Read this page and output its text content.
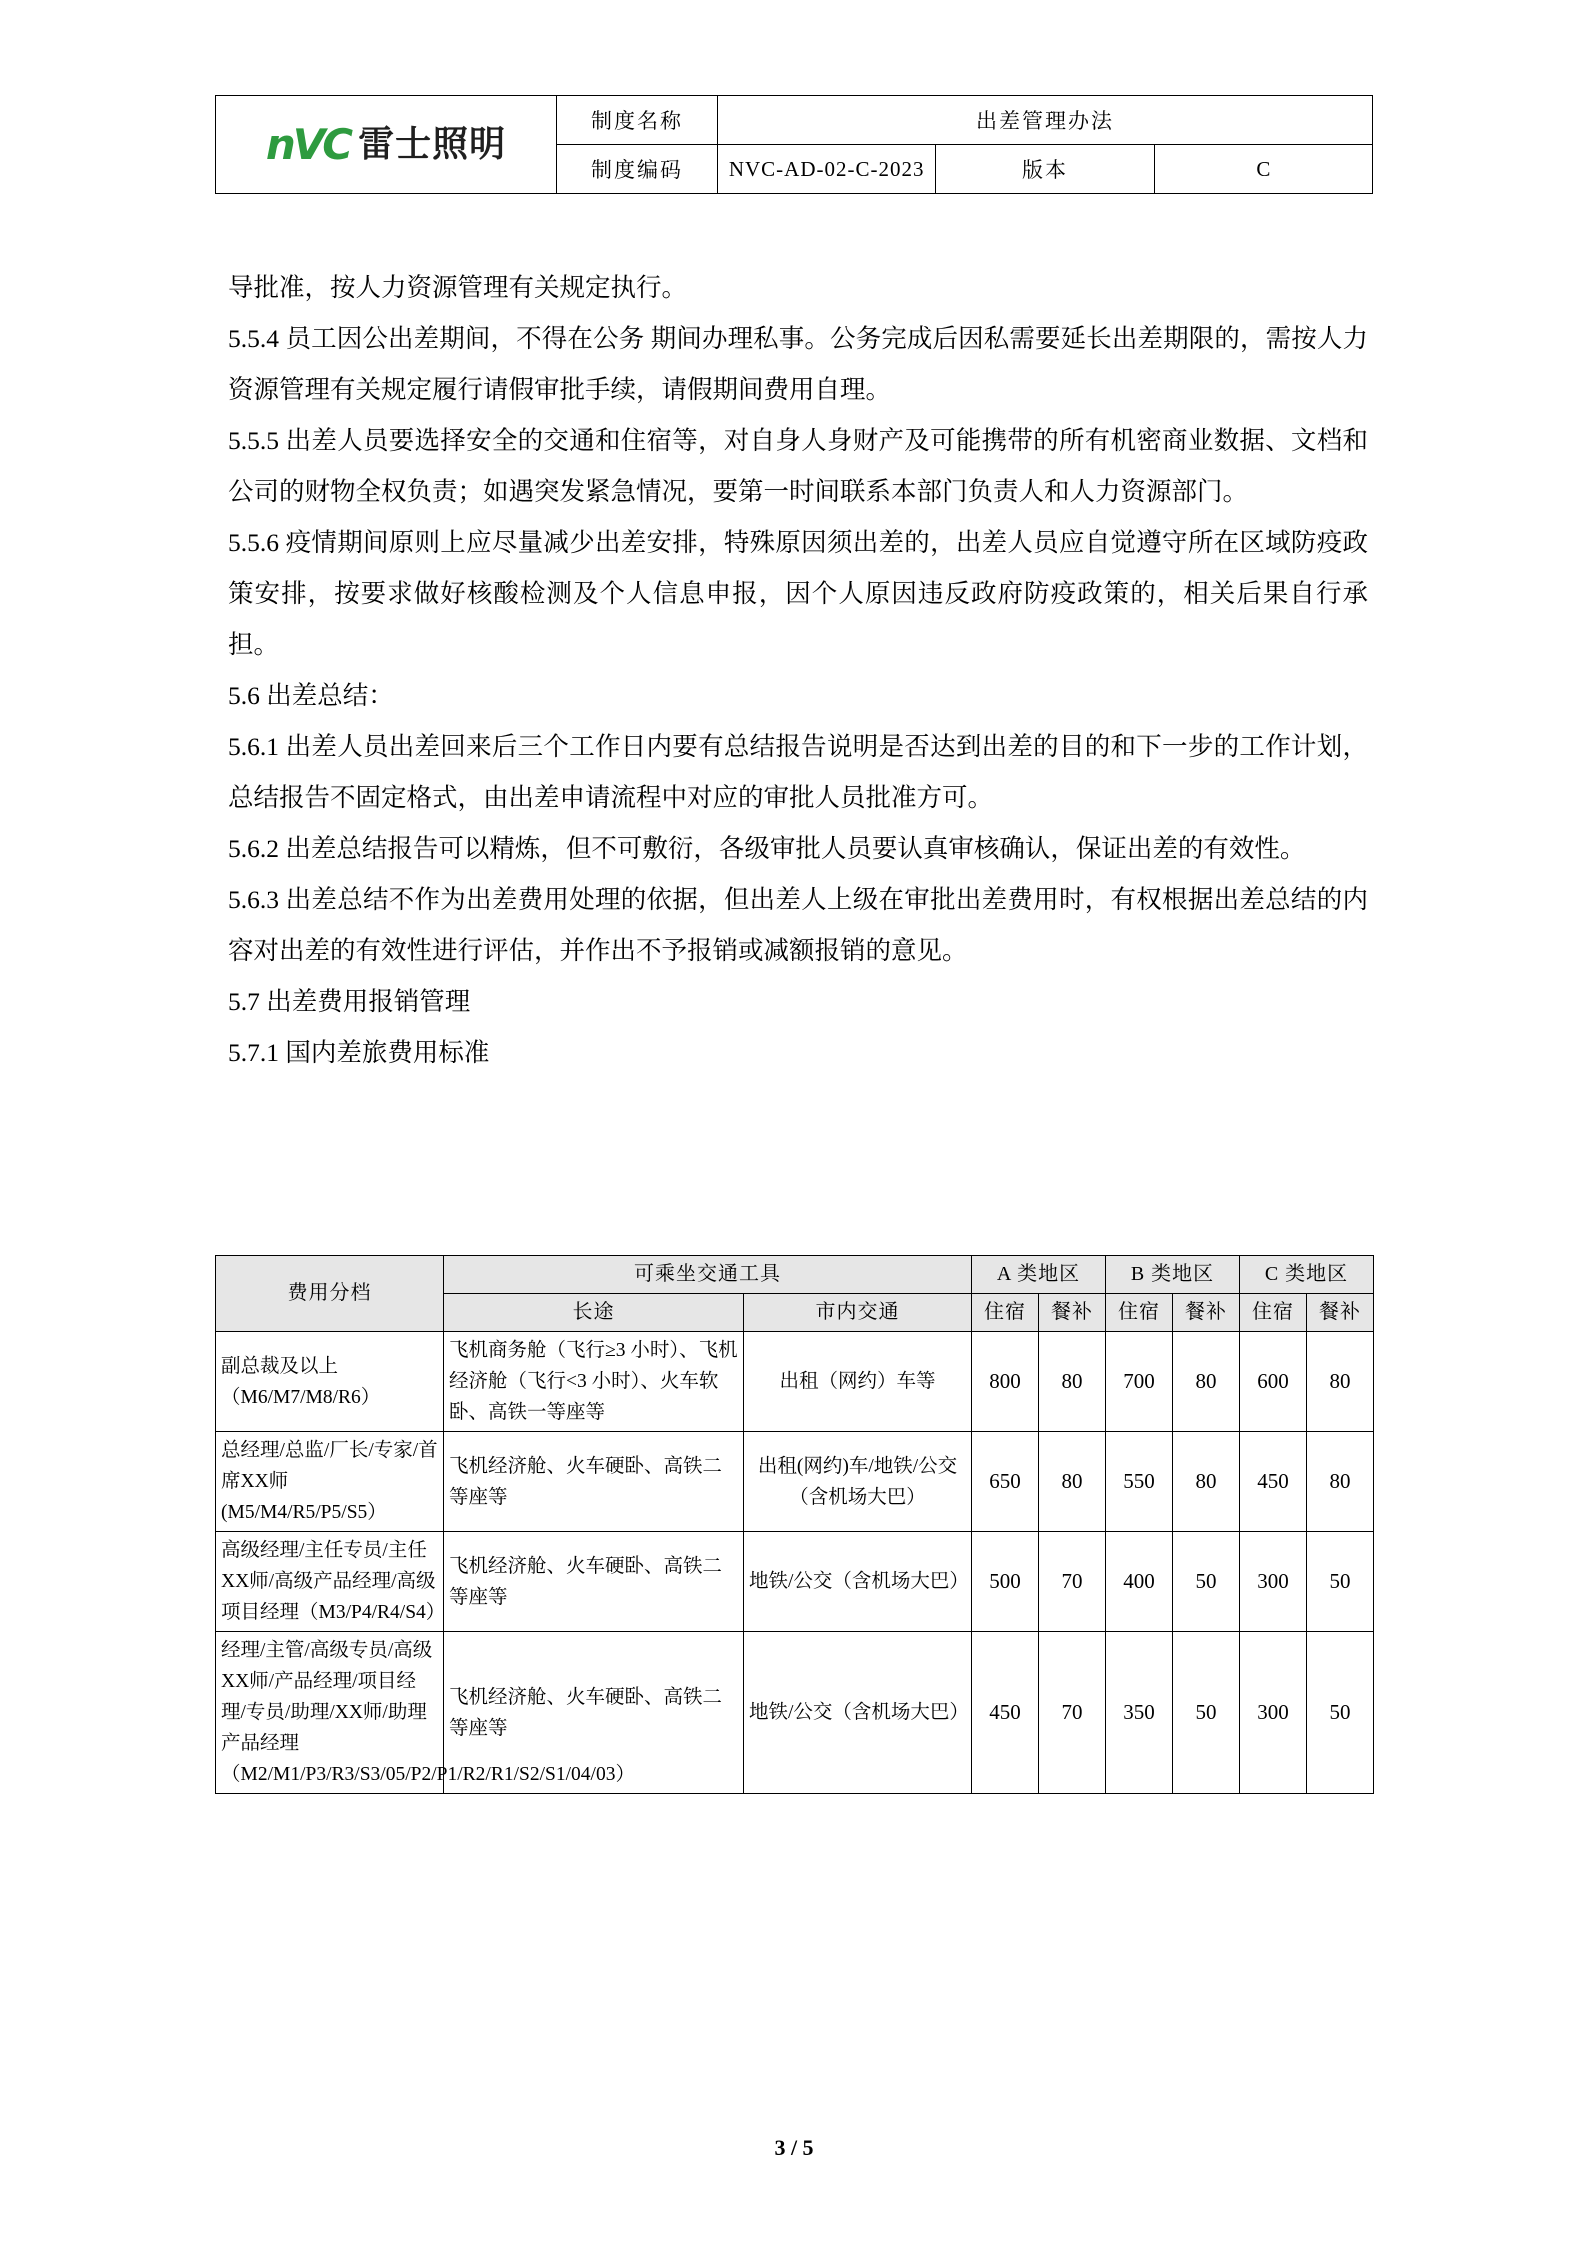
nVC 雷士照明	制度名称	出差管理办法		
	制度编码	NVC-AD-02-C-2023	版本	C

导批准，按人力资源管理有关规定执行。

5.5.4 员工因公出差期间，不得在公务 期间办理私事。公务完成后因私需要延长出差期限的，需按人力资源管理有关规定履行请假审批手续，请假期间费用自理。

5.5.5 出差人员要选择安全的交通和住宿等，对自身人身财产及可能携带的所有机密商业数据、文档和公司的财物全权负责；如遇突发紧急情况，要第一时间联系本部门负责人和人力资源部门。

5.5.6 疫情期间原则上应尽量减少出差安排，特殊原因须出差的，出差人员应自觉遵守所在区域防疫政策安排，按要求做好核酸检测及个人信息申报，因个人原因违反政府防疫政策的，相关后果自行承担。

5.6 出差总结：

5.6.1 出差人员出差回来后三个工作日内要有总结报告说明是否达到出差的目的和下一步的工作计划，总结报告不固定格式，由出差申请流程中对应的审批人员批准方可。

5.6.2 出差总结报告可以精炼，但不可敷衍，各级审批人员要认真审核确认，保证出差的有效性。

5.6.3 出差总结不作为出差费用处理的依据，但出差人上级在审批出差费用时，有权根据出差总结的内容对出差的有效性进行评估，并作出不予报销或减额报销的意见。

5.7 出差费用报销管理

5.7.1 国内差旅费用标准

费用分档	可乘坐交通工具		A 类地区		B 类地区		C 类地区	
	长途	市内交通	住宿	餐补	住宿	餐补	住宿	餐补
副总裁及以上（M6/M7/M8/R6）	飞机商务舱（飞行≥3 小时）、飞机经济舱（飞行<3 小时）、火车软卧、高铁一等座等	出租（网约）车等	800	80	700	80	600	80
总经理/总监/厂长/专家/首席XX师(M5/M4/R5/P5/S5）	飞机经济舱、火车硬卧、高铁二等座等	出租(网约)车/地铁/公交（含机场大巴）	650	80	550	80	450	80
高级经理/主任专员/主任XX师/高级产品经理/高级项目经理（M3/P4/R4/S4）	飞机经济舱、火车硬卧、高铁二等座等	地铁/公交（含机场大巴）	500	70	400	50	300	50
经理/主管/高级专员/高级XX师/产品经理/项目经理/专员/助理/XX师/助理产品经理（M2/M1/P3/R3/S3/05/P2/P1/R2/R1/S2/S1/04/03）	飞机经济舱、火车硬卧、高铁二等座等	地铁/公交（含机场大巴）	450	70	350	50	300	50
3 / 5
